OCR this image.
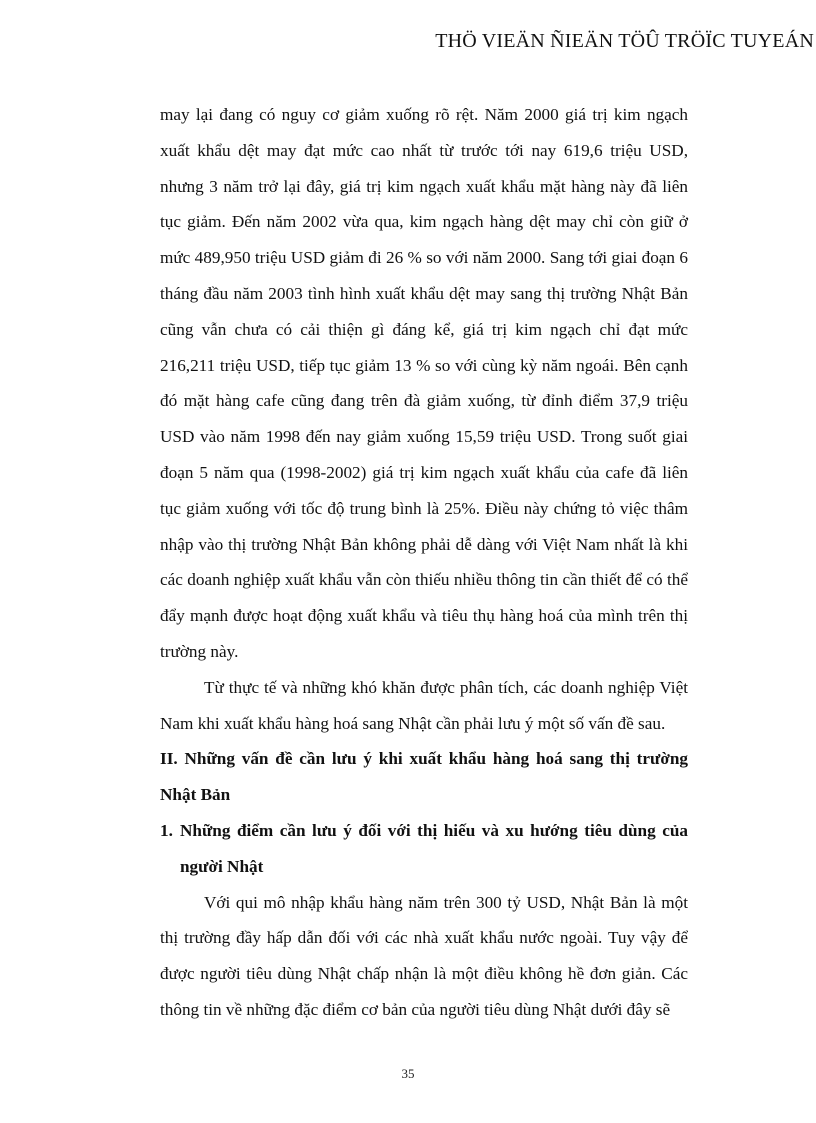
THÖ VIEÄN ÑIEÄN TÖÛ TRÖÏC TUYEÁN

may lại đang có nguy cơ giảm xuống rõ rệt. Năm 2000 giá trị kim ngạch xuất khẩu dệt may đạt mức cao nhất từ trước tới nay 619,6 triệu USD, nhưng 3 năm trở lại đây, giá trị kim ngạch xuất khẩu mặt hàng này đã liên tục giảm. Đến năm 2002 vừa qua, kim ngạch hàng dệt may chỉ còn giữ ở mức 489,950 triệu USD giảm đi 26 % so với năm 2000. Sang tới giai đoạn 6 tháng đầu năm 2003 tình hình xuất khẩu dệt may sang thị trường Nhật Bản cũng vẫn chưa có cải thiện gì đáng kể, giá trị kim ngạch chỉ đạt mức 216,211 triệu USD, tiếp tục giảm 13 % so với cùng kỳ năm ngoái. Bên cạnh đó mặt hàng cafe cũng đang trên đà giảm xuống, từ đỉnh điểm 37,9 triệu USD vào năm 1998 đến nay giảm xuống 15,59 triệu USD. Trong suốt giai đoạn 5 năm qua (1998-2002) giá trị kim ngạch xuất khẩu của cafe đã liên tục giảm xuống với tốc độ trung bình là 25%. Điều này chứng tỏ việc thâm nhập vào thị trường Nhật Bản không phải dễ dàng với Việt Nam nhất là khi các doanh nghiệp xuất khẩu vẫn còn thiếu nhiều thông tin cần thiết để có thể đẩy mạnh được hoạt động xuất khẩu và tiêu thụ hàng hoá của mình trên thị trường này.

Từ thực tế và những khó khăn được phân tích, các doanh nghiệp Việt Nam khi xuất khẩu hàng hoá sang Nhật cần phải lưu ý một số vấn đề sau.

II. Những vấn đề cần lưu ý khi xuất khẩu hàng hoá sang thị trường Nhật Bản

1. Những điểm cần lưu ý đối với thị hiếu và xu hướng tiêu dùng của người Nhật

Với qui mô nhập khẩu hàng năm trên 300 tỷ USD, Nhật Bản là một thị trường đầy hấp dẫn đối với các nhà xuất khẩu nước ngoài. Tuy vậy để được người tiêu dùng Nhật chấp nhận là một điều không hề đơn giản. Các thông tin về những đặc điểm cơ bản của người tiêu dùng Nhật dưới đây sẽ

35
